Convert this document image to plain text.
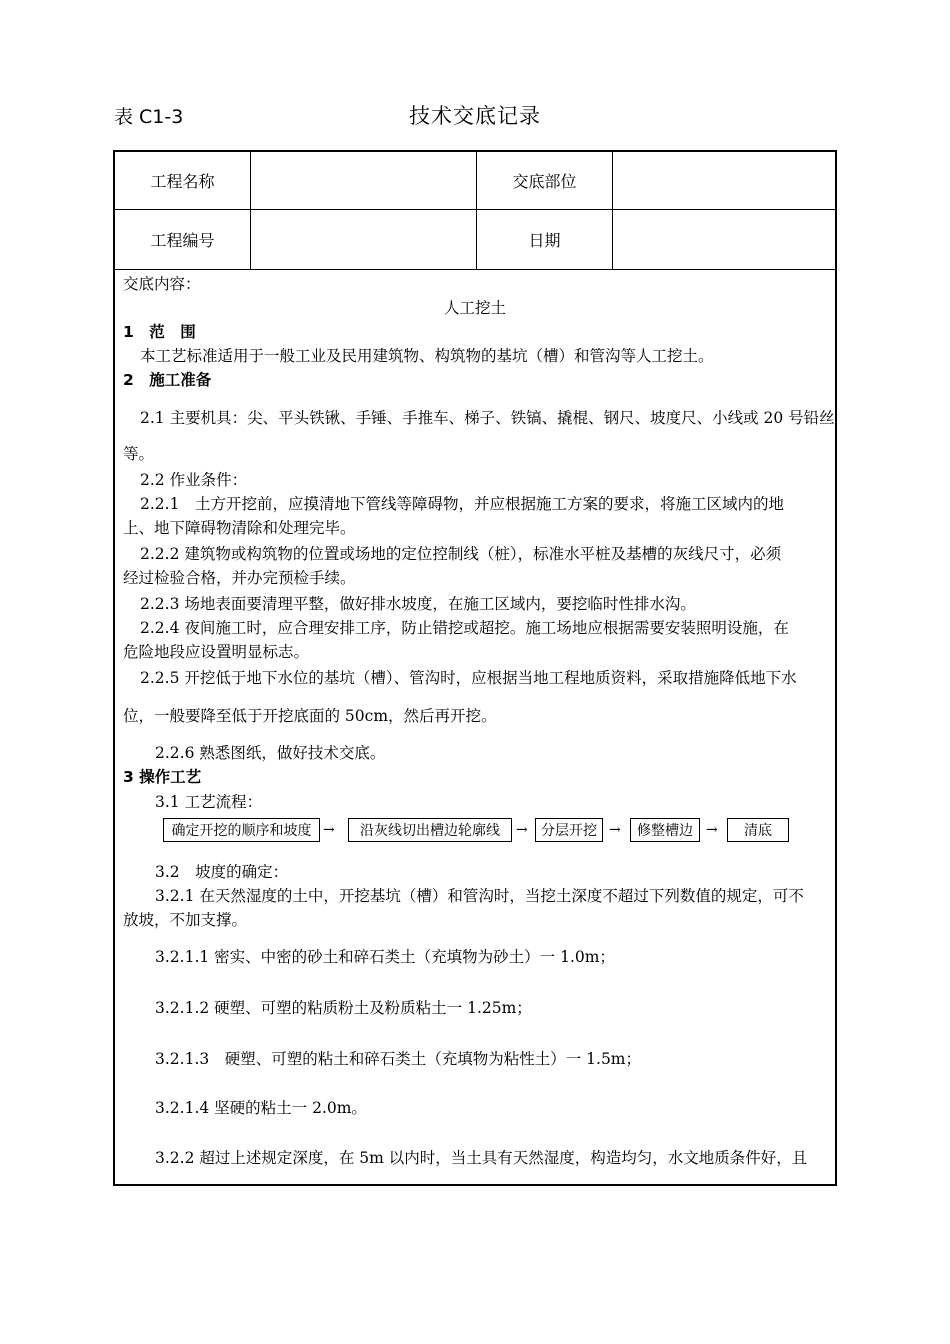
表 C1-3	技术交底记录
工程名称	交底部位
工程编号	日期
交底内容：
人工挖土
1　范　围
本工艺标准适用于一般工业及民用建筑物、构筑物的基坑（槽）和管沟等人工挖土。
2　施工准备
2.1 主要机具：尖、平头铁锹、手锤、手推车、梯子、铁镐、撬棍、钢尺、坡度尺、小线或 20 号铅丝
等。
2.2 作业条件：
2.2.1　土方开挖前，应摸清地下管线等障碍物，并应根据施工方案的要求，将施工区域内的地
上、地下障碍物清除和处理完毕。
2.2.2 建筑物或构筑物的位置或场地的定位控制线（桩），标准水平桩及基槽的灰线尺寸，必须
经过检验合格，并办完预检手续。
2.2.3 场地表面要清理平整，做好排水坡度，在施工区域内，要挖临时性排水沟。
2.2.4 夜间施工时，应合理安排工序，防止错挖或超挖。施工场地应根据需要安装照明设施，在
危险地段应设置明显标志。
2.2.5 开挖低于地下水位的基坑（槽）、管沟时，应根据当地工程地质资料，采取措施降低地下水
位，一般要降至低于开挖底面的 50cm，然后再开挖。
2.2.6 熟悉图纸，做好技术交底。
3 操作工艺
3.1 工艺流程：
确定开挖的顺序和坡度 →	沿灰线切出槽边轮廓线	→ 分层开挖 →	修整槽边 →	清底
3.2　坡度的确定：
3.2.1 在天然湿度的土中，开挖基坑（槽）和管沟时，当挖土深度不超过下列数值的规定，可不
放坡，不加支撑。
3.2.1.1 密实、中密的砂土和碎石类土（充填物为砂土）一 1.0m；
3.2.1.2 硬塑、可塑的粘质粉土及粉质粘土一 1.25m；
3.2.1.3　硬塑、可塑的粘土和碎石类土（充填物为粘性土）一 1.5m；
3.2.1.4 坚硬的粘土一 2.0m。
3.2.2 超过上述规定深度，在 5m 以内时，当土具有天然湿度，构造均匀，水文地质条件好，且
